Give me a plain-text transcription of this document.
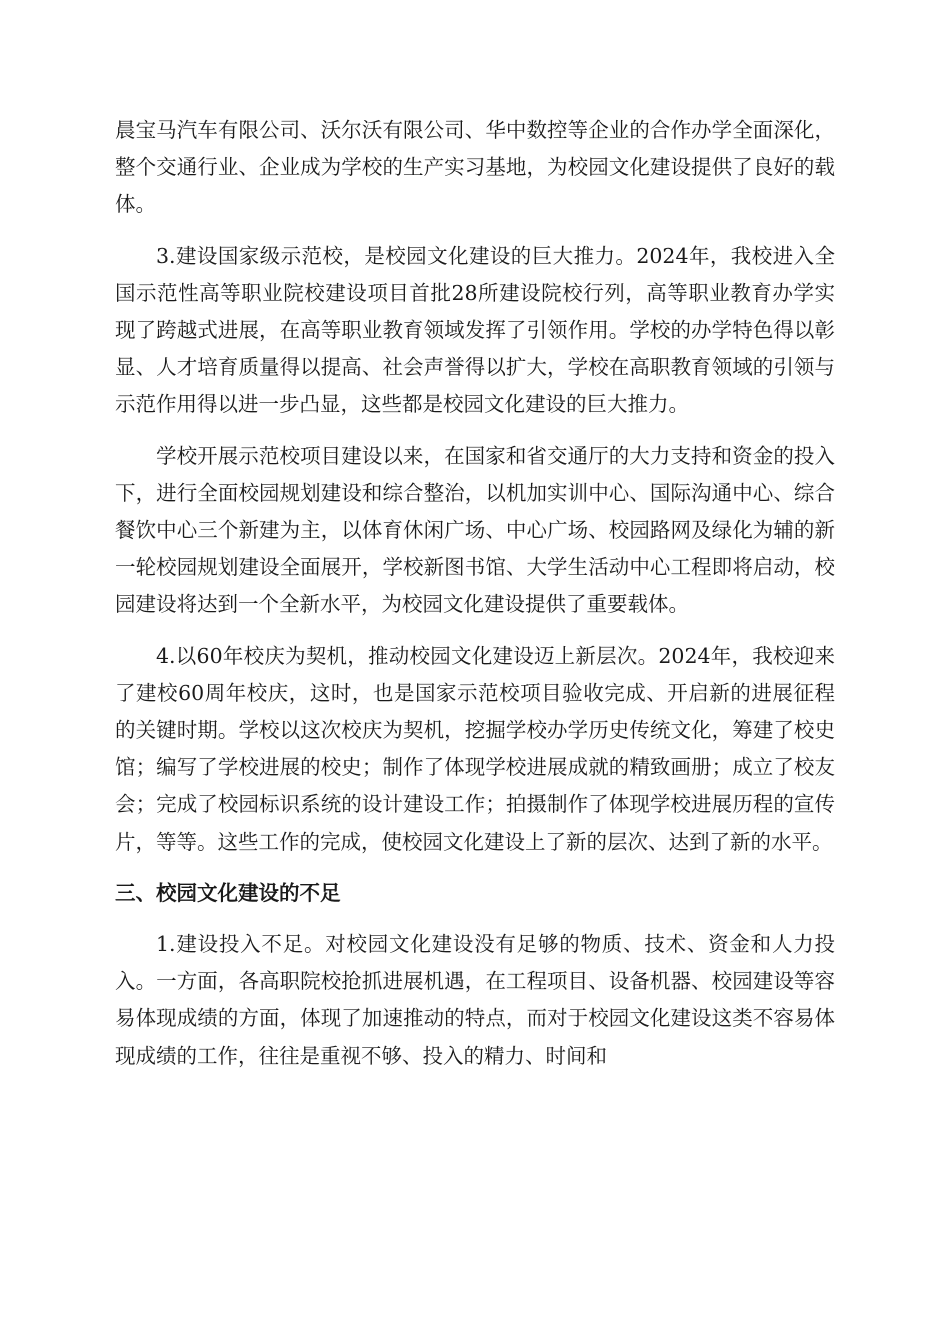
晨宝马汽车有限公司、沃尔沃有限公司、华中数控等企业的合作办学全面深化，整个交通行业、企业成为学校的生产实习基地，为校园文化建设提供了良好的载体。

3.建设国家级示范校，是校园文化建设的巨大推力。2024年，我校进入全国示范性高等职业院校建设项目首批28所建设院校行列，高等职业教育办学实现了跨越式进展，在高等职业教育领域发挥了引领作用。学校的办学特色得以彰显、人才培育质量得以提高、社会声誉得以扩大，学校在高职教育领域的引领与示范作用得以进一步凸显，这些都是校园文化建设的巨大推力。

学校开展示范校项目建设以来，在国家和省交通厅的大力支持和资金的投入下，进行全面校园规划建设和综合整治，以机加实训中心、国际沟通中心、综合餐饮中心三个新建为主，以体育休闲广场、中心广场、校园路网及绿化为辅的新一轮校园规划建设全面展开，学校新图书馆、大学生活动中心工程即将启动，校园建设将达到一个全新水平，为校园文化建设提供了重要载体。

4.以60年校庆为契机，推动校园文化建设迈上新层次。2024年，我校迎来了建校60周年校庆，这时，也是国家示范校项目验收完成、开启新的进展征程的关键时期。学校以这次校庆为契机，挖掘学校办学历史传统文化，筹建了校史馆；编写了学校进展的校史；制作了体现学校进展成就的精致画册；成立了校友会；完成了校园标识系统的设计建设工作；拍摄制作了体现学校进展历程的宣传片，等等。这些工作的完成，使校园文化建设上了新的层次、达到了新的水平。

三、校园文化建设的不足

1.建设投入不足。对校园文化建设没有足够的物质、技术、资金和人力投入。一方面，各高职院校抢抓进展机遇，在工程项目、设备机器、校园建设等容易体现成绩的方面，体现了加速推动的特点，而对于校园文化建设这类不容易体现成绩的工作，往往是重视不够、投入的精力、时间和
